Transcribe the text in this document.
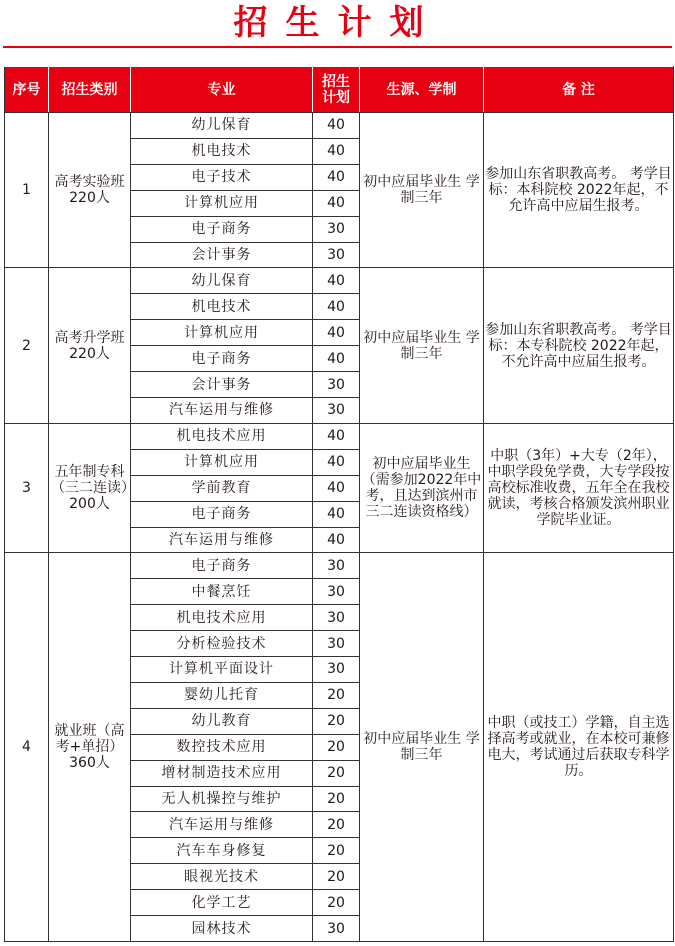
招生计划
序号	招生类别	专业	招生计划	生源、学制	备 注
1	高考实验班 220人	幼儿保育	40	初中应届毕业生 学制三年	参加山东省职教高考。 考学目标：本科院校 2022年起，不允许高中应届生报考。
		机电技术	40		
		电子技术	40		
		计算机应用	40		
		电子商务	30		
		会计事务	30		
2	高考升学班 220人	幼儿保育	40	初中应届毕业生 学制三年	参加山东省职教高考。 考学目标：本专科院校 2022年起，不允许高中应届生报考。
		机电技术	40		
		计算机应用	40		
		电子商务	40		
		会计事务	30		
		汽车运用与维修	30		
3	五年制专科（三二连读）200人	机电技术应用	40	初中应届毕业生（需参加2022年中考，且达到滨州市三二连读资格线）	中职（3年）+大专（2年），中职学段免学费，大专学段按高校标准收费，五年全在我校就读，考核合格颁发滨州职业学院毕业证。
		计算机应用	40		
		学前教育	40		
		电子商务	40		
		汽车运用与维修	40		
4	就业班（高考+单招）360人	电子商务	30	初中应届毕业生 学制三年	中职（或技工）学籍，自主选择高考或就业，在本校可兼修电大，考试通过后获取专科学历。
		中餐烹饪	30		
		机电技术应用	30		
		分析检验技术	30		
		计算机平面设计	30		
		婴幼儿托育	20		
		幼儿教育	20		
		数控技术应用	20		
		增材制造技术应用	20		
		无人机操控与维护	20		
		汽车运用与维修	20		
		汽车车身修复	20		
		眼视光技术	20		
		化学工艺	20		
		园林技术	30		
